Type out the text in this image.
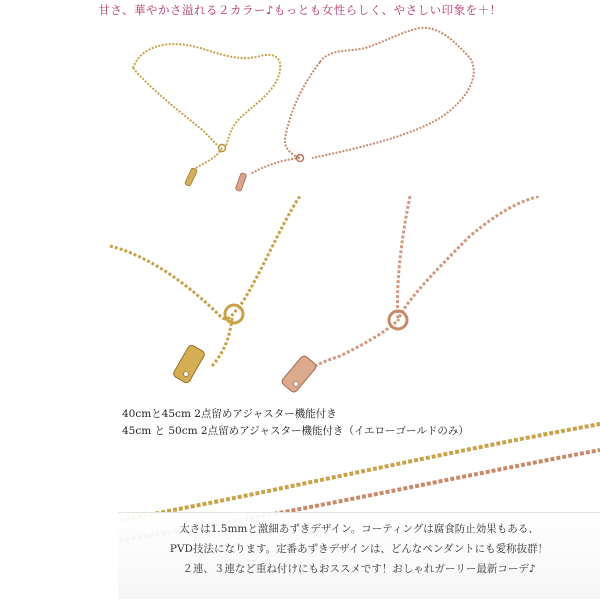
甘さ、華やかさ溢れる２カラー♪もっとも女性らしく、やさしい印象を＋！
40cmと45cm 2点留めアジャスター機能付き
45cm と 50cm 2点留めアジャスター機能付き（イエローゴールドのみ）
太さは1.5mmと激細あずきデザイン。コーティングは腐食防止効果もある、
PVD技法になります。定番あずきデザインは、どんなペンダントにも愛称抜群！
２連、３連など重ね付けにもおススメです！おしゃれガーリー最新コーデ♪
